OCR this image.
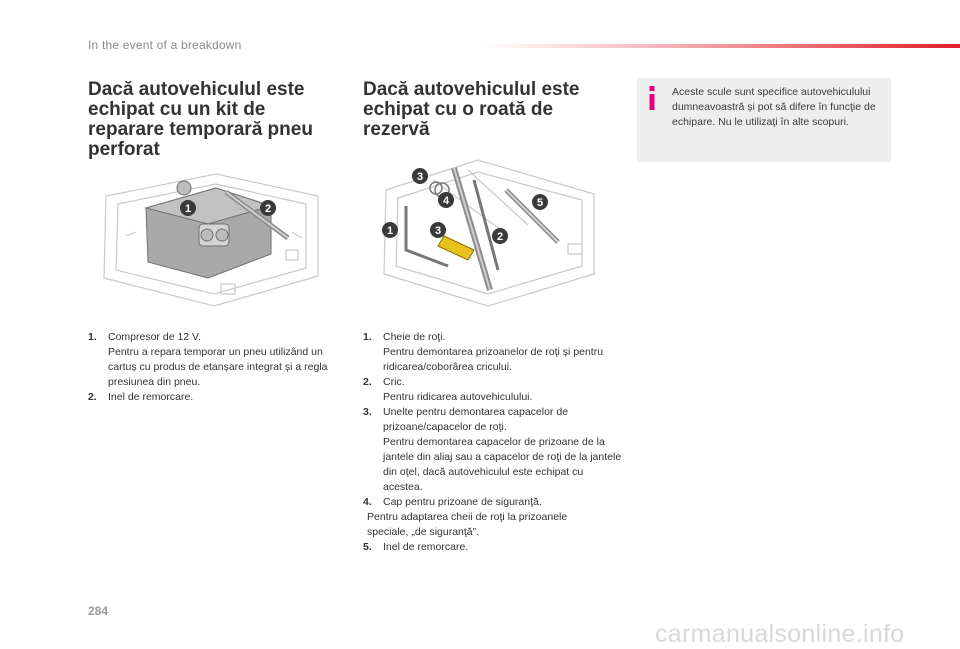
In the event of a breakdown
Dacă autovehiculul este echipat cu un kit de reparare temporară pneu perforat
1	2
1. Compresor de 12 V.
Pentru a repara temporar un pneu utilizând un cartuș cu produs de etanșare integrat și a regla presiunea din pneu.
2. Inel de remorcare.
Dacă autovehiculul este echipat cu o roată de rezervă
1	2
3
3
4	5
1. Cheie de roţi.
Pentru demontarea prizoanelor de roţi și pentru ridicarea/coborârea cricului.
2. Cric.
Pentru ridicarea autovehiculului.
3. Unelte pentru demontarea capacelor de prizoane/capacelor de roţi.
Pentru demontarea capacelor de prizoane de la jantele din aliaj sau a capacelor de roţi de la jantele din oţel, dacă autovehiculul este echipat cu acestea.
4. Cap pentru prizoane de siguranţă.
Pentru adaptarea cheii de roţi la prizoanele
speciale, „de siguranţă”.
5. Inel de remorcare.
Aceste scule sunt specifice autovehiculului dumneavoastră și pot să difere în funcţie de echipare. Nu le utilizaţi în alte scopuri.
284
carmanualsonline.info
